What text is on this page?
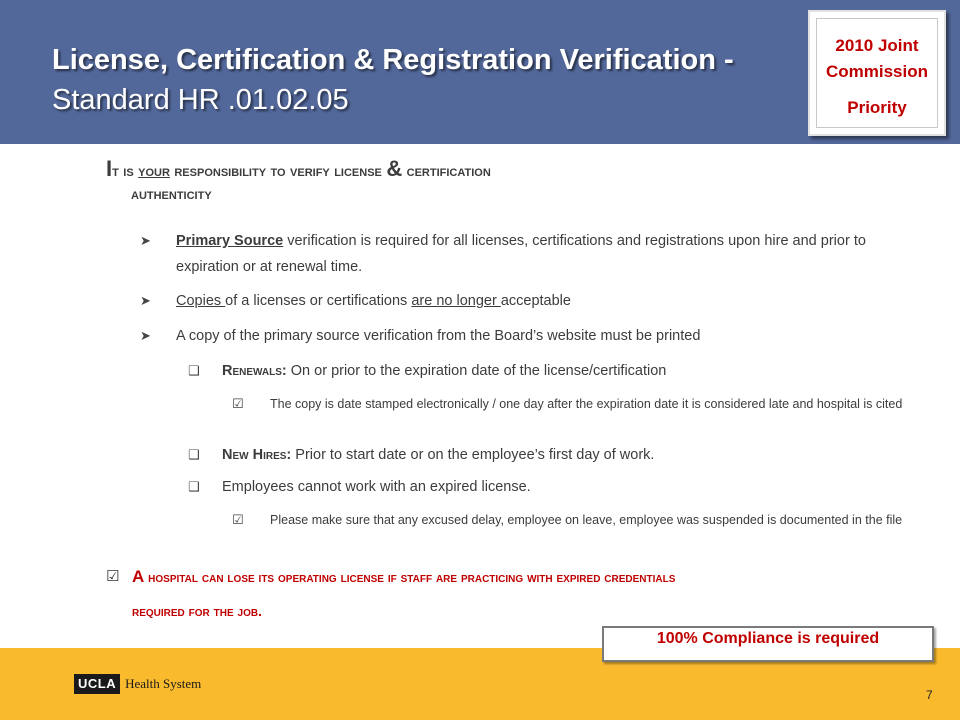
License, Certification & Registration Verification -
Standard HR .01.02.05
2010 Joint
Commission
Priority
It is your responsibility to verify license & certification
authenticity
➤ Primary Source verification is required for all licenses, certifications and registrations upon hire and prior to expiration or at renewal time.
➤ Copies of a licenses or certifications are no longer acceptable
➤ A copy of the primary source verification from the Board’s website must be printed
❑ Renewals: On or prior to the expiration date of the license/certification
☑ The copy is date stamped electronically / one day after the expiration date it is considered late and hospital is cited
❑ New Hires: Prior to start date or on the employee’s first day of work.
❑ Employees cannot work with an expired license.
☑ Please make sure that any excused delay, employee on leave, employee was suspended is documented in the file
☑ A hospital can lose its operating license if staff are practicing with expired credentials
required for the job.
100% Compliance is required
UCLA Health System
7
